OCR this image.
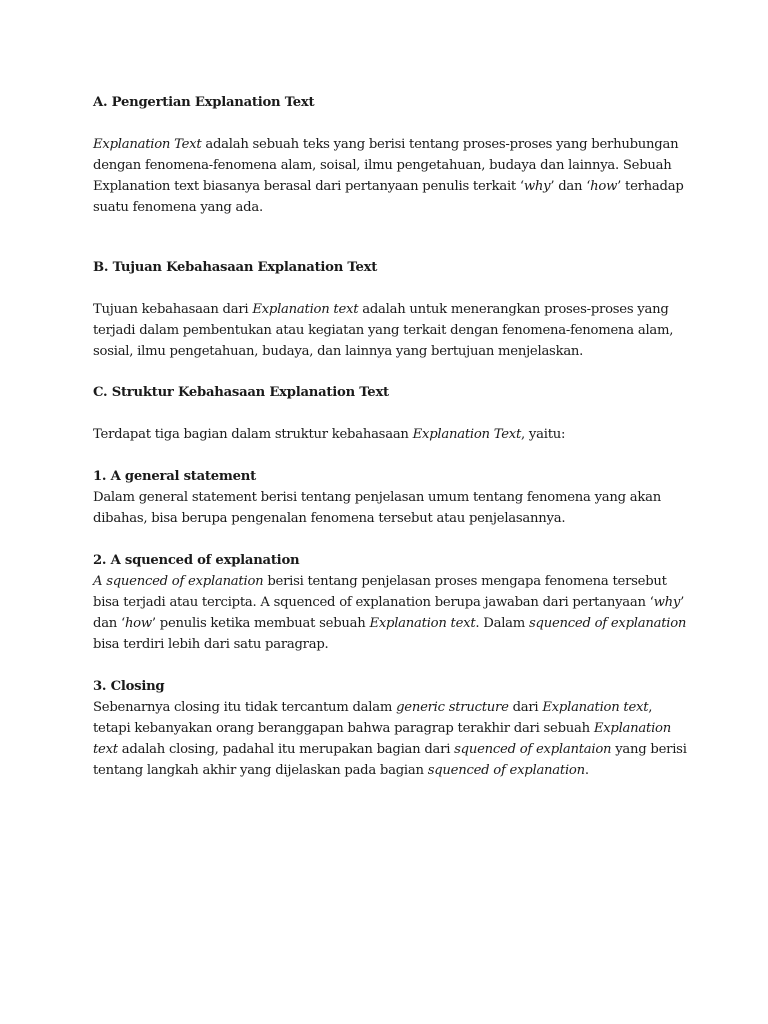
A. Pengertian Explanation Text

Explanation Text adalah sebuah teks yang berisi tentang proses-proses yang berhubungan dengan fenomena-fenomena alam, soisal, ilmu pengetahuan, budaya dan lainnya. Sebuah Explanation text biasanya berasal dari pertanyaan penulis terkait ‘why’ dan ‘how’ terhadap suatu fenomena yang ada.

B. Tujuan Kebahasaan Explanation Text

Tujuan kebahasaan dari Explanation text adalah untuk menerangkan proses-proses yang terjadi dalam pembentukan atau kegiatan yang terkait dengan fenomena-fenomena alam, sosial, ilmu pengetahuan, budaya, dan lainnya yang bertujuan menjelaskan.

C. Struktur Kebahasaan Explanation Text

Terdapat tiga bagian dalam struktur kebahasaan Explanation Text, yaitu:

1. A general statement

Dalam general statement berisi tentang penjelasan umum tentang fenomena yang akan dibahas, bisa berupa pengenalan fenomena tersebut atau penjelasannya.

2. A squenced of explanation

A squenced of explanation berisi tentang penjelasan proses mengapa fenomena tersebut bisa terjadi atau tercipta. A squenced of explanation berupa jawaban dari pertanyaan ‘why’ dan ‘how’ penulis ketika membuat sebuah Explanation text. Dalam squenced of explanation bisa terdiri lebih dari satu paragrap.

3. Closing

Sebenarnya closing itu tidak tercantum dalam generic structure dari Explanation text, tetapi kebanyakan orang beranggapan bahwa paragrap terakhir dari sebuah Explanation text adalah closing, padahal itu merupakan bagian dari squenced of explantaion yang berisi tentang langkah akhir yang dijelaskan pada bagian squenced of explanation.
